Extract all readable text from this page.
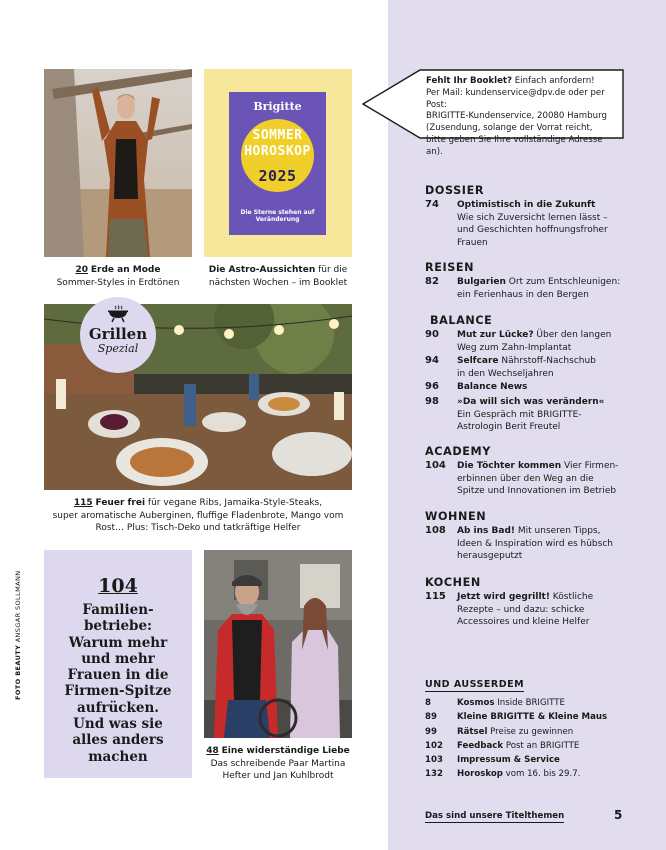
20 Erde an Mode
Sommer-Styles in Erdtönen
Brigitte
SOMMER
HOROSKOP
2025
Die Sterne stehen auf
Veränderung
Die Astro-Aussichten für die
nächsten Wochen – im Booklet
Grillen
Spezial
115 Feuer frei für vegane Ribs, Jamaika-Style-Steaks,
super aromatische Auberginen, fluffige Fladenbrote, Mango vom
Rost… Plus: Tisch-Deko und tatkräftige Helfer
104
Familien-
betriebe:
Warum mehr
und mehr
Frauen in die
Firmen-Spitze
aufrücken.
Und was sie
alles anders
machen	48 Eine widerständige Liebe
Das schreibende Paar Martina
Hefter und Jan Kuhlbrodt
FOTO BEAUTY ANSGAR SOLLMANN
Fehlt Ihr Booklet? Einfach anfordern!
Per Mail: kundenservice@dpv.de oder per Post:
BRIGITTE-Kundenservice, 20080 Hamburg
(Zusendung, solange der Vorrat reicht,
bitte geben Sie Ihre vollständige Adresse an).
DOSSIER
74 Optimistisch in die Zukunft
Wie sich Zuversicht lernen lässt –
und Geschichten hoffnungsfroher
Frauen
REISEN
82 Bulgarien Ort zum Entschleunigen:
ein Ferienhaus in den Bergen
BALANCE
90 Mut zur Lücke? Über den langen
Weg zum Zahn-Implantat
94 Selfcare Nährstoff-Nachschub
in den Wechseljahren
96 Balance News
98 »Da will sich was verändern«
Ein Gespräch mit BRIGITTE-
Astrologin Berit Freutel
ACADEMY
104 Die Töchter kommen Vier Firmen-
erbinnen über den Weg an die
Spitze und Innovationen im Betrieb
WOHNEN
108 Ab ins Bad! Mit unseren Tipps,
Ideen & Inspiration wird es hübsch
herausgeputzt
KOCHEN
115 Jetzt wird gegrillt! Köstliche
Rezepte – und dazu: schicke
Accessoires und kleine Helfer
UND AUSSERDEM
8	Kosmos Inside BRIGITTE
89 Kleine BRIGITTE & Kleine Maus
99 Rätsel Preise zu gewinnen
102 Feedback Post an BRIGITTE
103 Impressum & Service
132 Horoskop vom 16. bis 29.7.
Das sind unsere Titelthemen	5
